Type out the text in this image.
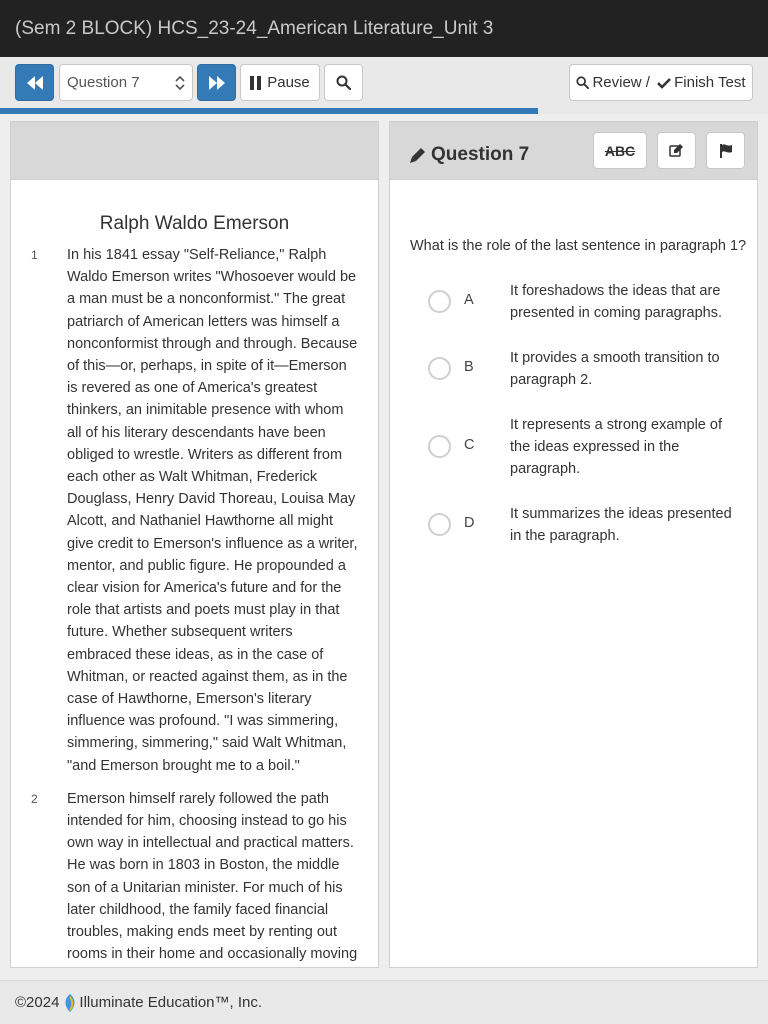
(Sem 2 BLOCK) HCS_23-24_American Literature_Unit 3
Question 7	Pause	Review / Finish Test
Ralph Waldo Emerson
1 In his 1841 essay "Self-Reliance," Ralph Waldo Emerson writes "Whosoever would be a man must be a nonconformist." The great patriarch of American letters was himself a nonconformist through and through. Because of this—or, perhaps, in spite of it—Emerson is revered as one of America's greatest thinkers, an inimitable presence with whom all of his literary descendants have been obliged to wrestle. Writers as different from each other as Walt Whitman, Frederick Douglass, Henry David Thoreau, Louisa May Alcott, and Nathaniel Hawthorne all might give credit to Emerson's influence as a writer, mentor, and public figure. He propounded a clear vision for America's future and for the role that artists and poets must play in that future. Whether subsequent writers embraced these ideas, as in the case of Whitman, or reacted against them, as in the case of Hawthorne, Emerson's literary influence was profound. "I was simmering, simmering, simmering," said Walt Whitman, "and Emerson brought me to a boil."
2 Emerson himself rarely followed the path intended for him, choosing instead to go his own way in intellectual and practical matters. He was born in 1803 in Boston, the middle son of a Unitarian minister. For much of his later childhood, the family faced financial troubles, making ends meet by renting out rooms in their home and occasionally moving
ABC
Question 7
What is the role of the last sentence in paragraph 1?
A
It foreshadows the ideas that are presented in coming paragraphs.
B
It provides a smooth transition to paragraph 2.
C
It represents a strong example of the ideas expressed in the paragraph.
D
It summarizes the ideas presented in the paragraph.
©2024 Illuminate Education™, Inc.
